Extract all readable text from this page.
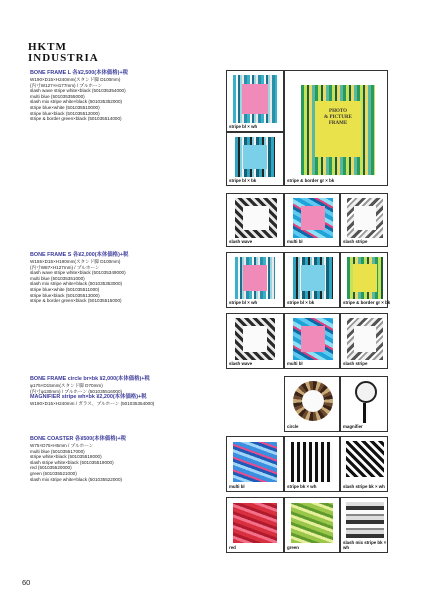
HKTM
INDUSTRIA
BONE FRAME L 各¥2,500(本体価格)+税
W190×D15×H240mm(スタンド脚 D100mm)
(内寸W127×H177mm) / プルホーン
slash wave stripe white×black (501035354000)
multi blue (501035355000)
slash mix stripe white×black (501035352000)
stripe blue×white (501035510000)
stripe blue×black (501035512000)
stripe & border green×black (501035514000)
BONE FRAME S 各¥2,000(本体価格)+税
W155×D15×H190mm(スタンド脚 D100mm)
(内寸W87×H127mm) / プルホーン
slash wave stripe white×black (501035349000)
multi blue (501035351000)
slash mix stripe white×black (501035353000)
stripe blue×white (501035511000)
stripe blue×black (501035513000)
stripe & border green×black (501035515000)
BONE FRAME circle br×bk ¥2,000(本体価格)+税
φ175×D15mm(スタンド脚 D70mm)
(内寸φ130mm) / プルホーン (501035516000)
MAGNIFIER stripe wh×bk ¥2,200(本体価格)+税
W190×D15×H240mm / ガラス、プルホーン (501035354000)
BONE COASTER 各¥500(本体価格)+税
W75×D75×H5mm / プルホーン
multi blue (501035517000)
stripe white×black (501035518000)
slash stripe white×black (501035519000)
red (501035520000)
green (501035521000)
slash mix stripe white×black (501035522000)
stripe bl × wh
stripe bl × bk
PHOTO
& PICTURE
FRAME
stripe & border gr × bk
slash wave	multi bl	slash stripe
stripe bl × wh	stripe bl × bk	stripe & border gr × bk
slash wave	multi bl	slash stripe
circle	magnifier
multi bl	stripe bk × wh	slash stripe bk × wh
red	green
slash mix stripe bk × wh
60
